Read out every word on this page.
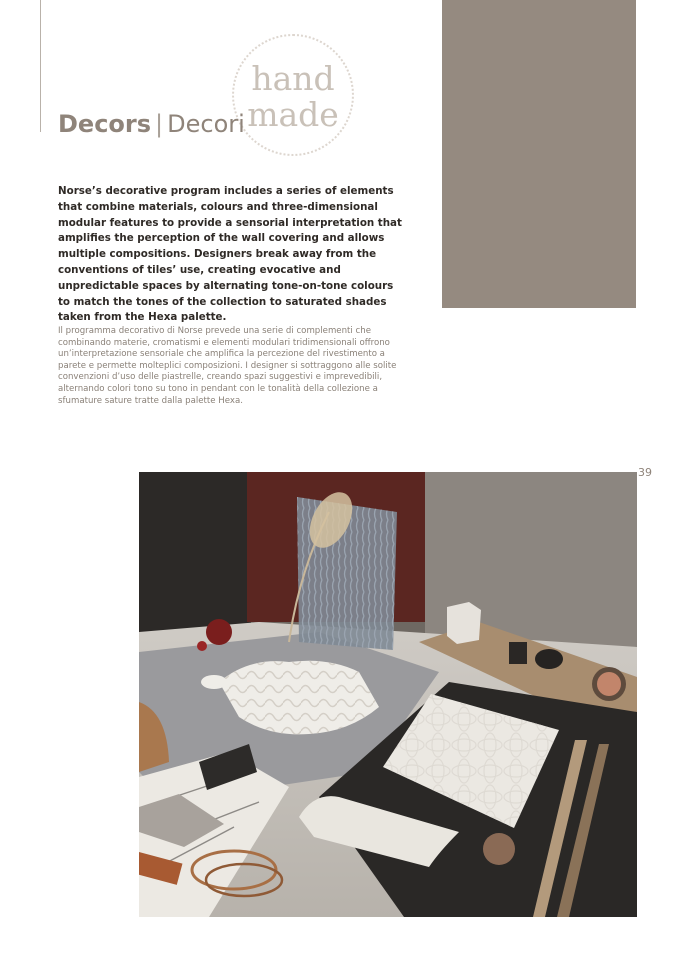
hand
made
Decors | Decori
Norse’s decorative program includes a series of elements that combine materials, colours and three-dimensional modular features to provide a sensorial interpretation that amplifies the perception of the wall covering and allows multiple compositions. Designers break away from the conventions of tiles’ use, creating evocative and unpredictable spaces by alternating tone-on-tone colours to match the tones of the collection to saturated shades taken from the Hexa palette.
Il programma decorativo di Norse prevede una serie di complementi che combinando materie, cromatismi e elementi modulari tridimensionali offrono un’interpretazione sensoriale che amplifica la percezione del rivestimento a parete e permette molteplici composizioni. I designer si sottraggono alle solite convenzioni d’uso delle piastrelle, creando spazi suggestivi e imprevedibili, alternando colori tono su tono in pendant con le tonalità della collezione a sfumature sature tratte dalla palette Hexa.
39
